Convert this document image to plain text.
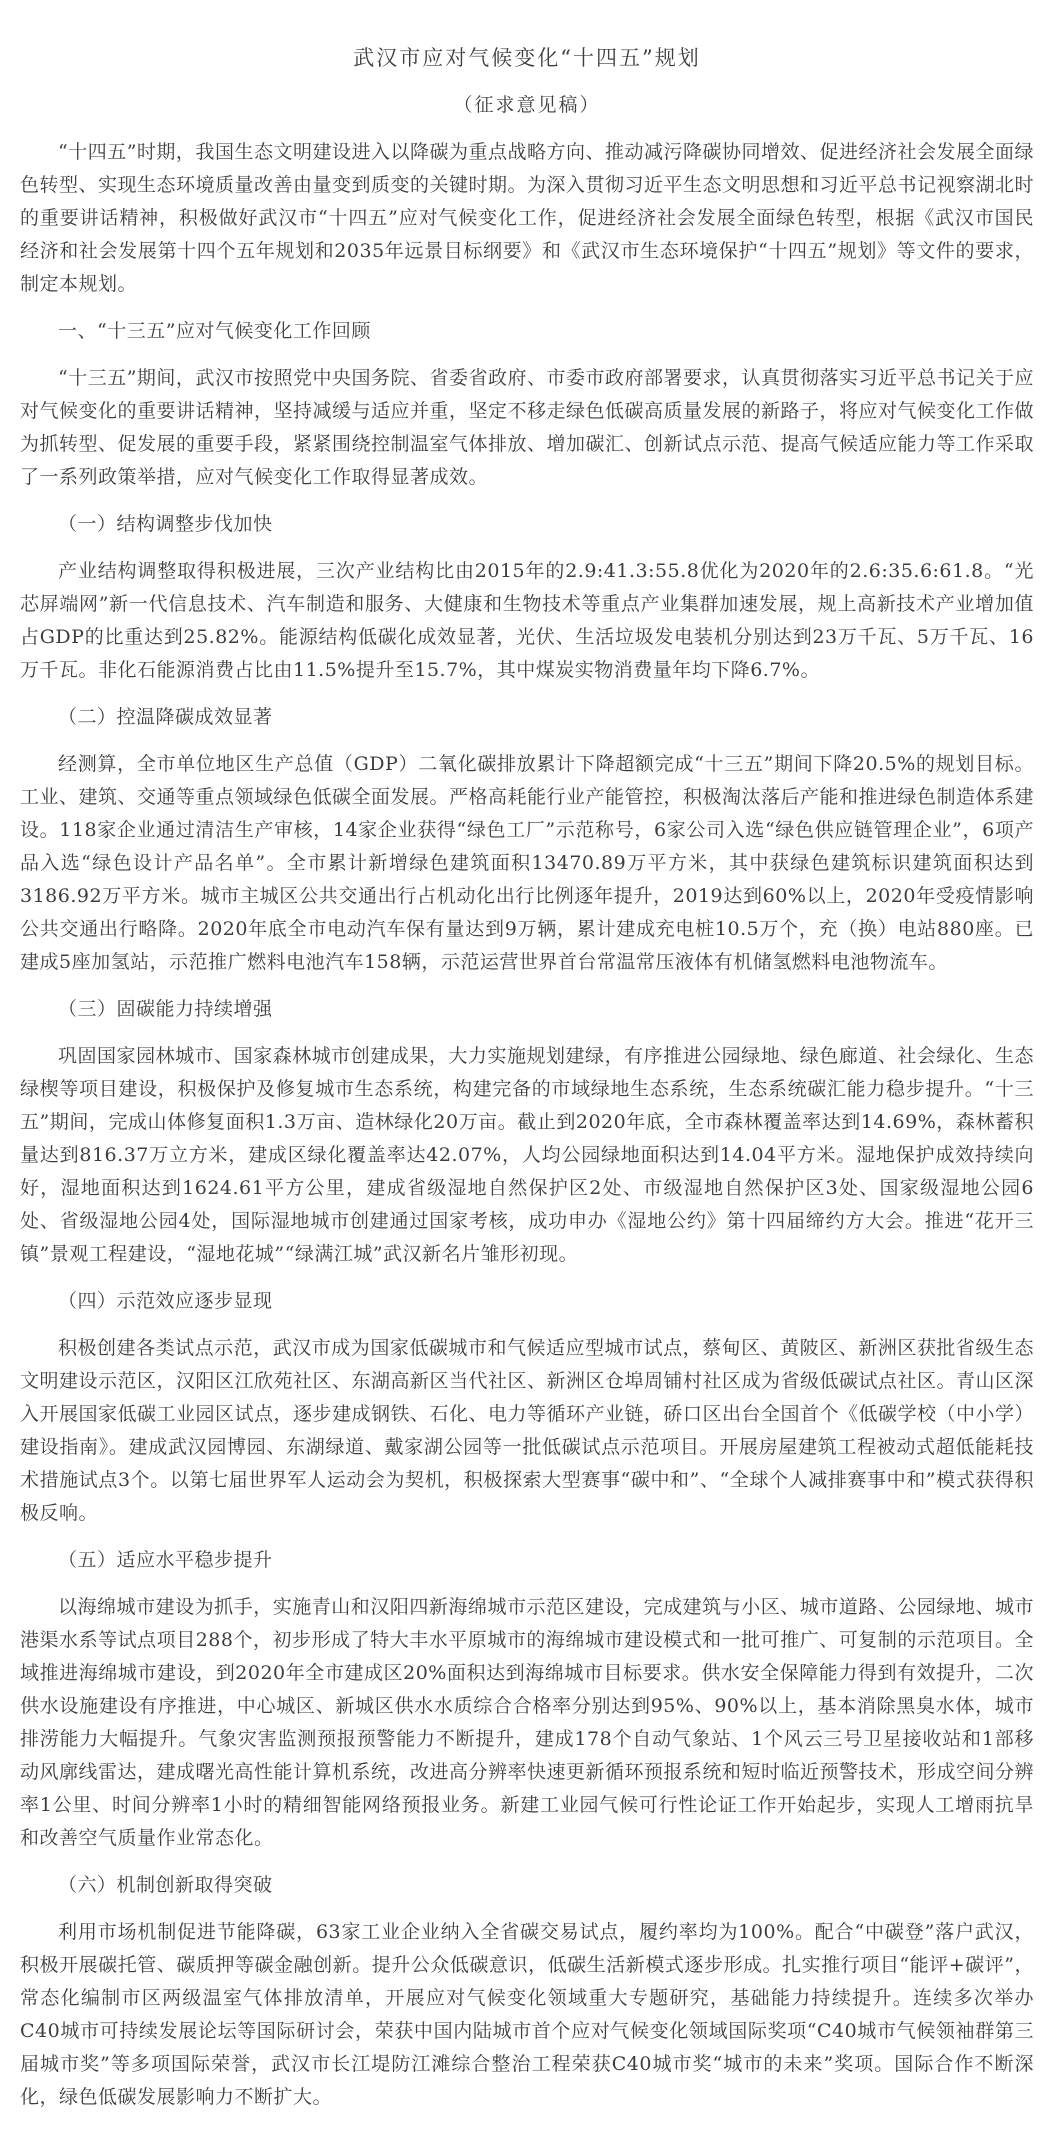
武汉市应对气候变化“十四五”规划

（征求意见稿）

“十四五”时期，我国生态文明建设进入以降碳为重点战略方向、推动减污降碳协同增效、促进经济社会发展全面绿色转型、实现生态环境质量改善由量变到质变的关键时期。为深入贯彻习近平生态文明思想和习近平总书记视察湖北时的重要讲话精神，积极做好武汉市“十四五”应对气候变化工作，促进经济社会发展全面绿色转型，根据《武汉市国民经济和社会发展第十四个五年规划和2035年远景目标纲要》和《武汉市生态环境保护“十四五”规划》等文件的要求，制定本规划。

一、“十三五”应对气候变化工作回顾

“十三五”期间，武汉市按照党中央国务院、省委省政府、市委市政府部署要求，认真贯彻落实习近平总书记关于应对气候变化的重要讲话精神，坚持减缓与适应并重，坚定不移走绿色低碳高质量发展的新路子，将应对气候变化工作做为抓转型、促发展的重要手段，紧紧围绕控制温室气体排放、增加碳汇、创新试点示范、提高气候适应能力等工作采取了一系列政策举措，应对气候变化工作取得显著成效。

（一）结构调整步伐加快

产业结构调整取得积极进展，三次产业结构比由2015年的2.9:41.3:55.8优化为2020年的2.6:35.6:61.8。“光芯屏端网”新一代信息技术、汽车制造和服务、大健康和生物技术等重点产业集群加速发展，规上高新技术产业增加值占GDP的比重达到25.82%。能源结构低碳化成效显著，光伏、生活垃圾发电装机分别达到23万千瓦、5万千瓦、16万千瓦。非化石能源消费占比由11.5%提升至15.7%，其中煤炭实物消费量年均下降6.7%。

（二）控温降碳成效显著

经测算，全市单位地区生产总值（GDP）二氧化碳排放累计下降超额完成“十三五”期间下降20.5%的规划目标。工业、建筑、交通等重点领域绿色低碳全面发展。严格高耗能行业产能管控，积极淘汰落后产能和推进绿色制造体系建设。118家企业通过清洁生产审核，14家企业获得“绿色工厂”示范称号，6家公司入选“绿色供应链管理企业”，6项产品入选“绿色设计产品名单”。全市累计新增绿色建筑面积13470.89万平方米，其中获绿色建筑标识建筑面积达到3186.92万平方米。城市主城区公共交通出行占机动化出行比例逐年提升，2019达到60%以上，2020年受疫情影响公共交通出行略降。2020年底全市电动汽车保有量达到9万辆，累计建成充电桩10.5万个，充（换）电站880座。已建成5座加氢站，示范推广燃料电池汽车158辆，示范运营世界首台常温常压液体有机储氢燃料电池物流车。

（三）固碳能力持续增强

巩固国家园林城市、国家森林城市创建成果，大力实施规划建绿，有序推进公园绿地、绿色廊道、社会绿化、生态绿楔等项目建设，积极保护及修复城市生态系统，构建完备的市域绿地生态系统，生态系统碳汇能力稳步提升。“十三五”期间，完成山体修复面积1.3万亩、造林绿化20万亩。截止到2020年底，全市森林覆盖率达到14.69%，森林蓄积量达到816.37万立方米，建成区绿化覆盖率达42.07%，人均公园绿地面积达到14.04平方米。湿地保护成效持续向好，湿地面积达到1624.61平方公里，建成省级湿地自然保护区2处、市级湿地自然保护区3处、国家级湿地公园6处、省级湿地公园4处，国际湿地城市创建通过国家考核，成功申办《湿地公约》第十四届缔约方大会。推进“花开三镇”景观工程建设，“湿地花城”“绿满江城”武汉新名片雏形初现。

（四）示范效应逐步显现

积极创建各类试点示范，武汉市成为国家低碳城市和气候适应型城市试点，蔡甸区、黄陂区、新洲区获批省级生态文明建设示范区，汉阳区江欣苑社区、东湖高新区当代社区、新洲区仓埠周铺村社区成为省级低碳试点社区。青山区深入开展国家低碳工业园区试点，逐步建成钢铁、石化、电力等循环产业链，硚口区出台全国首个《低碳学校（中小学）建设指南》。建成武汉园博园、东湖绿道、戴家湖公园等一批低碳试点示范项目。开展房屋建筑工程被动式超低能耗技术措施试点3个。以第七届世界军人运动会为契机，积极探索大型赛事“碳中和”、“全球个人减排赛事中和”模式获得积极反响。

（五）适应水平稳步提升

以海绵城市建设为抓手，实施青山和汉阳四新海绵城市示范区建设，完成建筑与小区、城市道路、公园绿地、城市港渠水系等试点项目288个，初步形成了特大丰水平原城市的海绵城市建设模式和一批可推广、可复制的示范项目。全域推进海绵城市建设，到2020年全市建成区20%面积达到海绵城市目标要求。供水安全保障能力得到有效提升，二次供水设施建设有序推进，中心城区、新城区供水水质综合合格率分别达到95%、90%以上，基本消除黑臭水体，城市排涝能力大幅提升。气象灾害监测预报预警能力不断提升，建成178个自动气象站、1个风云三号卫星接收站和1部移动风廓线雷达，建成曙光高性能计算机系统，改进高分辨率快速更新循环预报系统和短时临近预警技术，形成空间分辨率1公里、时间分辨率1小时的精细智能网络预报业务。新建工业园气候可行性论证工作开始起步，实现人工增雨抗旱和改善空气质量作业常态化。

（六）机制创新取得突破

利用市场机制促进节能降碳，63家工业企业纳入全省碳交易试点，履约率均为100%。配合“中碳登”落户武汉，积极开展碳托管、碳质押等碳金融创新。提升公众低碳意识，低碳生活新模式逐步形成。扎实推行项目“能评+碳评”，常态化编制市区两级温室气体排放清单，开展应对气候变化领域重大专题研究，基础能力持续提升。连续多次举办C40城市可持续发展论坛等国际研讨会，荣获中国内陆城市首个应对气候变化领域国际奖项“C40城市气候领袖群第三届城市奖”等多项国际荣誉，武汉市长江堤防江滩综合整治工程荣获C40城市奖“城市的未来”奖项。国际合作不断深化，绿色低碳发展影响力不断扩大。
